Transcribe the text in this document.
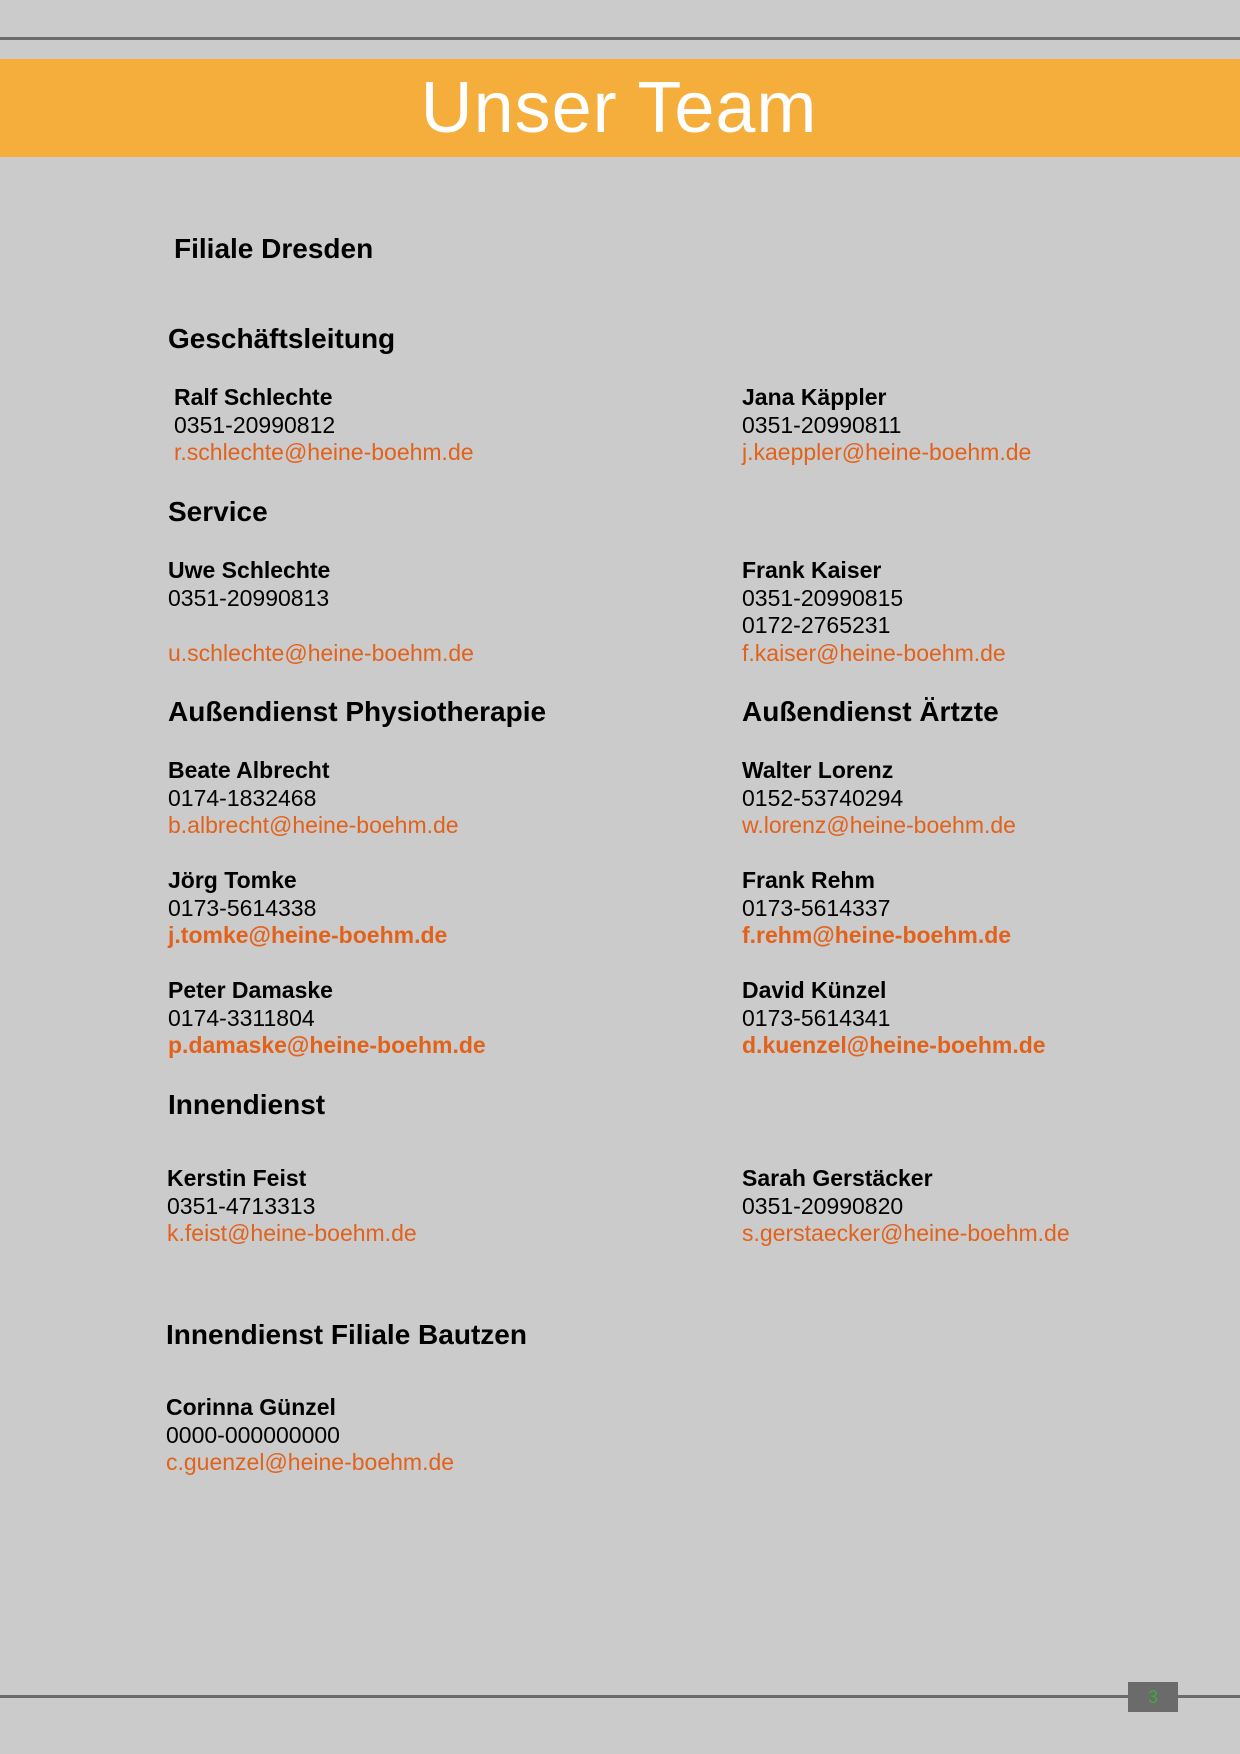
Unser Team
Filiale Dresden
Geschäftsleitung
Ralf Schlechte
0351-20990812
r.schlechte@heine-boehm.de
Jana Käppler
0351-20990811
j.kaeppler@heine-boehm.de
Service
Uwe Schlechte
0351-20990813
u.schlechte@heine-boehm.de
Frank Kaiser
0351-20990815
0172-2765231
f.kaiser@heine-boehm.de
Außendienst Physiotherapie	Außendienst Ärtzte
Beate Albrecht
0174-1832468
b.albrecht@heine-boehm.de
Walter Lorenz
0152-53740294
w.lorenz@heine-boehm.de
Jörg Tomke
0173-5614338
j.tomke@heine-boehm.de
Frank Rehm
0173-5614337
f.rehm@heine-boehm.de
Peter Damaske
0174-3311804
p.damaske@heine-boehm.de
David Künzel
0173-5614341
d.kuenzel@heine-boehm.de
Innendienst
Kerstin Feist
0351-4713313
k.feist@heine-boehm.de
Sarah Gerstäcker
0351-20990820
s.gerstaecker@heine-boehm.de
Innendienst Filiale Bautzen
Corinna Günzel
0000-000000000
c.guenzel@heine-boehm.de
3
